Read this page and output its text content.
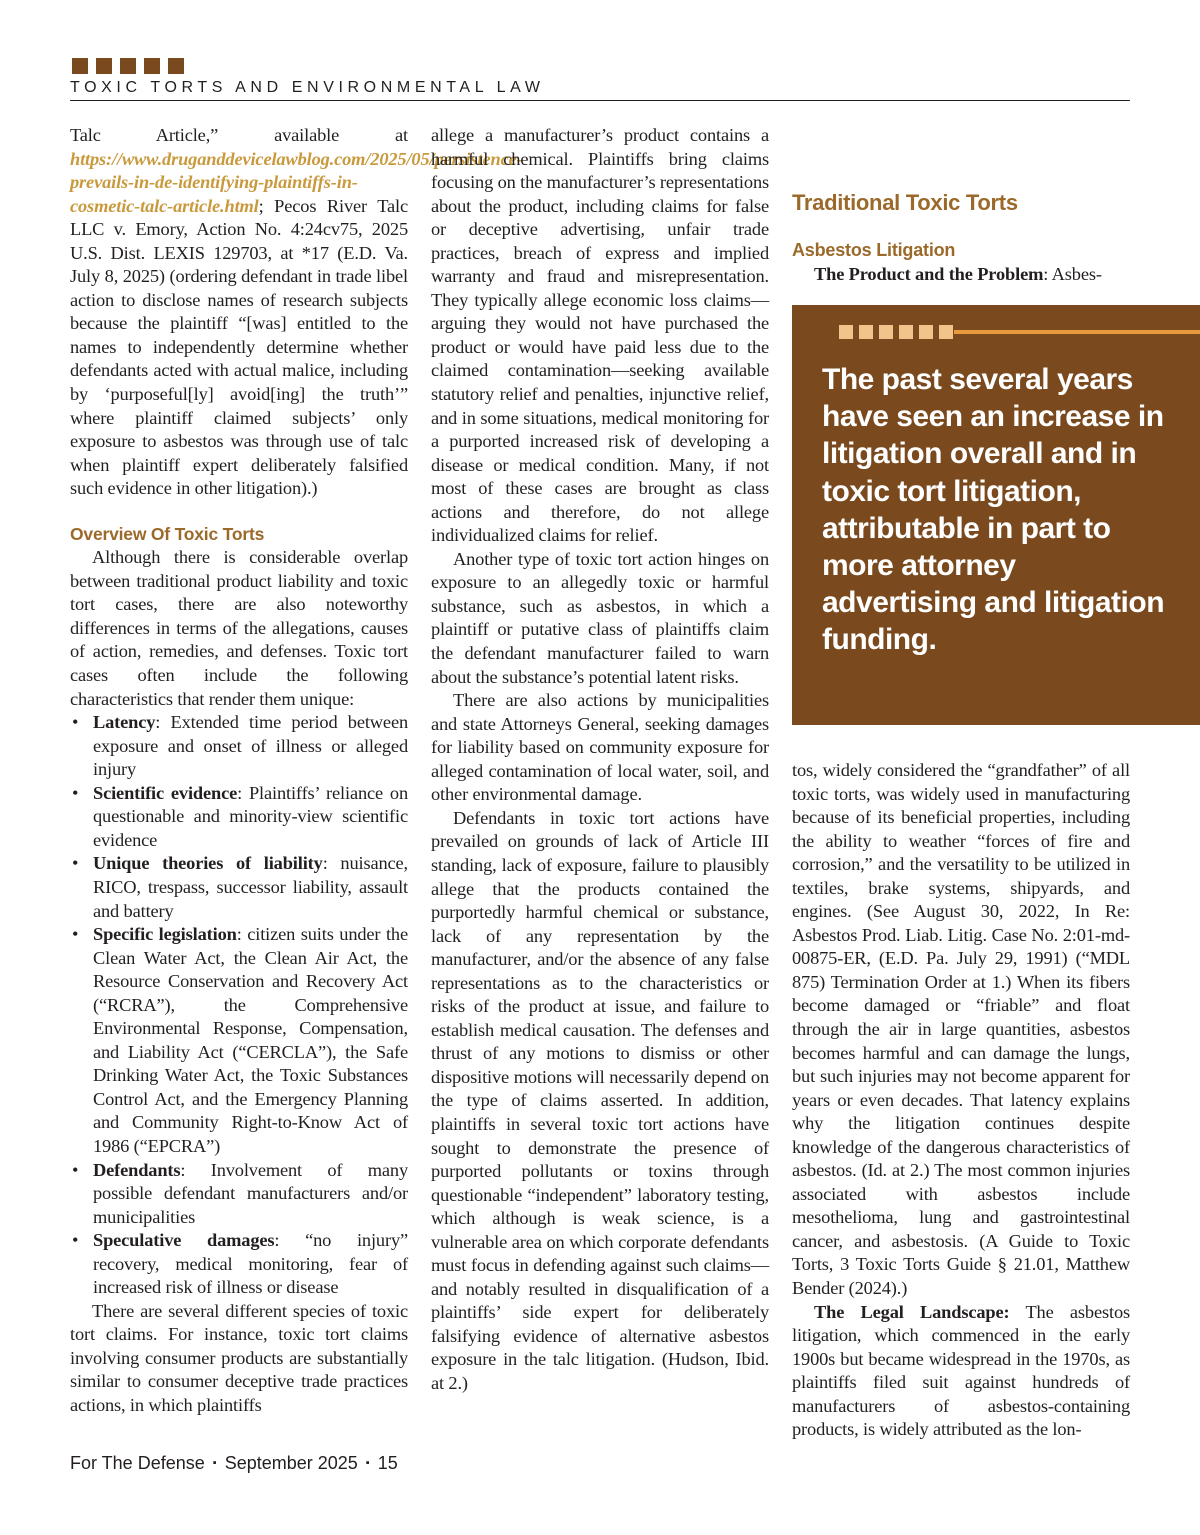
TOXIC TORTS AND ENVIRONMENTAL LAW

Talc Article,” available at https://www.druganddevicelawblog.com/2025/05/persistence-prevails-in-de-identifying-plaintiffs-in-cosmetic-talc-article.html; Pecos River Talc LLC v. Emory, Action No. 4:24cv75, 2025 U.S. Dist. LEXIS 129703, at *17 (E.D. Va. July 8, 2025) (ordering defendant in trade libel action to disclose names of research subjects because the plaintiff “[was] entitled to the names to independently determine whether defendants acted with actual malice, including by ‘purposeful[ly] avoid[ing] the truth’” where plaintiff claimed subjects’ only exposure to asbestos was through use of talc when plaintiff expert deliberately falsified such evidence in other litigation).)

Overview Of Toxic Torts

Although there is considerable overlap between traditional product liability and toxic tort cases, there are also noteworthy differences in terms of the allegations, causes of action, remedies, and defenses. Toxic tort cases often include the following characteristics that render them unique:

• Latency: Extended time period between exposure and onset of illness or alleged injury
• Scientific evidence: Plaintiffs’ reliance on questionable and minority-view scientific evidence
• Unique theories of liability: nuisance, RICO, trespass, successor liability, assault and battery
• Specific legislation: citizen suits under the Clean Water Act, the Clean Air Act, the Resource Conservation and Recovery Act (“RCRA”), the Comprehensive Environmental Response, Compensation, and Liability Act (“CERCLA”), the Safe Drinking Water Act, the Toxic Substances Control Act, and the Emergency Planning and Community Right-to-Know Act of 1986 (“EPCRA”)
• Defendants: Involvement of many possible defendant manufacturers and/or municipalities
• Speculative damages: “no injury” recovery, medical monitoring, fear of increased risk of illness or disease

There are several different species of toxic tort claims. For instance, toxic tort claims involving consumer products are substantially similar to consumer deceptive trade practices actions, in which plaintiffs

allege a manufacturer’s product contains a harmful chemical. Plaintiffs bring claims focusing on the manufacturer’s representations about the product, including claims for false or deceptive advertising, unfair trade practices, breach of express and implied warranty and fraud and misrepresentation. They typically allege economic loss claims—arguing they would not have purchased the product or would have paid less due to the claimed contamination—seeking available statutory relief and penalties, injunctive relief, and in some situations, medical monitoring for a purported increased risk of developing a disease or medical condition. Many, if not most of these cases are brought as class actions and therefore, do not allege individualized claims for relief.

Another type of toxic tort action hinges on exposure to an allegedly toxic or harmful substance, such as asbestos, in which a plaintiff or putative class of plaintiffs claim the defendant manufacturer failed to warn about the substance’s potential latent risks.

There are also actions by municipalities and state Attorneys General, seeking damages for liability based on community exposure for alleged contamination of local water, soil, and other environmental damage.

Defendants in toxic tort actions have prevailed on grounds of lack of Article III standing, lack of exposure, failure to plausibly allege that the products contained the purportedly harmful chemical or substance, lack of any representation by the manufacturer, and/or the absence of any false representations as to the characteristics or risks of the product at issue, and failure to establish medical causation. The defenses and thrust of any motions to dismiss or other dispositive motions will necessarily depend on the type of claims asserted. In addition, plaintiffs in several toxic tort actions have sought to demonstrate the presence of purported pollutants or toxins through questionable “independent” laboratory testing, which although is weak science, is a vulnerable area on which corporate defendants must focus in defending against such claims—and notably resulted in disqualification of a plaintiffs’ side expert for deliberately falsifying evidence of alternative asbestos exposure in the talc litigation. (Hudson, Ibid. at 2.)

Traditional Toxic Torts
Asbestos Litigation

The Product and the Problem: Asbes-

The past several years have seen an increase in litigation overall and in toxic tort litigation, attributable in part to more attorney advertising and litigation funding.

tos, widely considered the “grandfather” of all toxic torts, was widely used in manufacturing because of its beneficial properties, including the ability to weather “forces of fire and corrosion,” and the versatility to be utilized in textiles, brake systems, shipyards, and engines. (See August 30, 2022, In Re: Asbestos Prod. Liab. Litig. Case No. 2:01-md-00875-ER, (E.D. Pa. July 29, 1991) (“MDL 875) Termination Order at 1.) When its fibers become damaged or “friable” and float through the air in large quantities, asbestos becomes harmful and can damage the lungs, but such injuries may not become apparent for years or even decades. That latency explains why the litigation continues despite knowledge of the dangerous characteristics of asbestos. (Id. at 2.) The most common injuries associated with asbestos include mesothelioma, lung and gastrointestinal cancer, and asbestosis. (A Guide to Toxic Torts, 3 Toxic Torts Guide § 21.01, Matthew Bender (2024).)

The Legal Landscape: The asbestos litigation, which commenced in the early 1900s but became widespread in the 1970s, as plaintiffs filed suit against hundreds of manufacturers of asbestos-containing products, is widely attributed as the lon-

For The Defense ▪ September 2025 ▪ 15
